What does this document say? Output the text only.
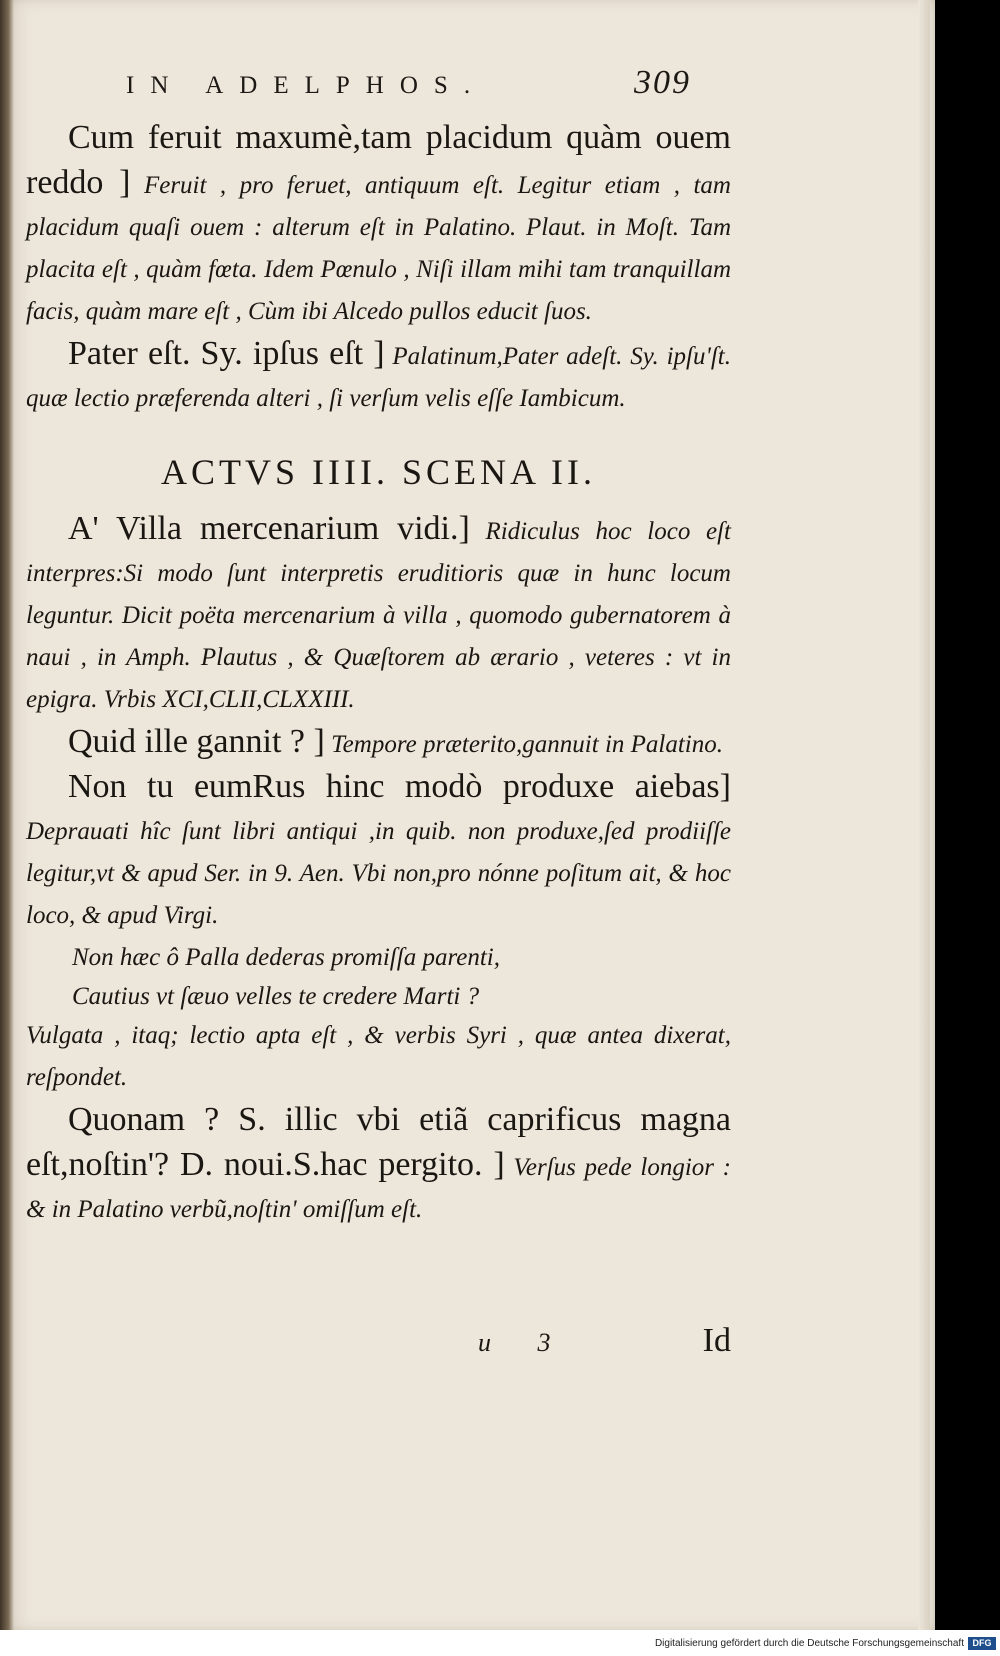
IN ADELPHOS.	309

Cum feruit maxumè,tam placidum quàm ouem reddo ] Feruit , pro feruet, antiquum eſt. Legitur etiam , tam placidum quaſi ouem : alterum eſt in Palatino. Plaut. in Moſt. Tam placita eſt , quàm fœta. Idem Pœnulo , Niſi illam mihi tam tranquillam facis, quàm mare eſt , Cùm ibi Alcedo pullos educit ſuos.

Pater eſt. Sy. ipſus eſt ] Palatinum,Pater adeſt. Sy. ipſu'ſt. quæ lectio præferenda alteri , ſi verſum velis eſſe Iambicum.

ACTVS IIII. SCENA II.

A' Villa mercenarium vidi.] Ridiculus hoc loco eſt interpres:Si modo ſunt interpretis eruditioris quæ in hunc locum leguntur. Dicit poëta mercenarium à villa , quomodo gubernatorem à naui , in Amph. Plautus , & Quæſtorem ab ærario , veteres : vt in epigra. Vrbis XCI,CLII,CLXXIII.

Quid ille gannit ? ] Tempore præterito,gannuit in Palatino.

Non tu eumRus hinc modò produxe aiebas] Deprauati hîc ſunt libri antiqui ,in quib. non produxe,ſed prodiiſſe legitur,vt & apud Ser. in 9. Aen. Vbi non,pro nónne poſitum ait, & hoc loco, & apud Virgi.

Non hæc ô Palla dederas promiſſa parenti,

Cautius vt ſæuo velles te credere Marti ?

Vulgata , itaq; lectio apta eſt , & verbis Syri , quæ antea dixerat, reſpondet.

Quonam ? S. illic vbi etiã caprificus magna eſt,noſtin'? D. noui.S.hac pergito. ] Verſus pede longior : & in Palatino verbũ,noſtin' omiſſum eſt.

u 3	Id
Digitalisierung gefördert durch die Deutsche Forschungsgemeinschaft DFG
